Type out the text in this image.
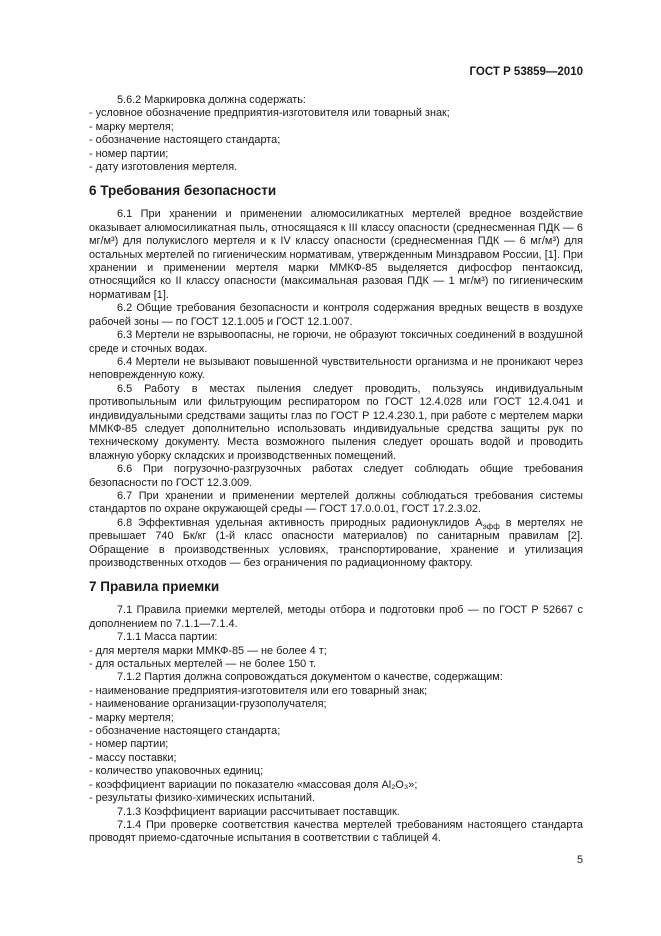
ГОСТ Р 53859—2010

5.6.2 Маркировка должна содержать:

- условное обозначение предприятия-изготовителя или товарный знак;

- марку мертеля;

- обозначение настоящего стандарта;

- номер партии;

- дату изготовления мертеля.

6 Требования безопасности

6.1 При хранении и применении алюмосиликатных мертелей вредное воздействие оказывает алюмосиликатная пыль, относящаяся к III классу опасности (среднесменная ПДК — 6 мг/м³) для полукислого мертеля и к IV классу опасности (среднесменная ПДК — 6 мг/м³) для остальных мертелей по гигиеническим нормативам, утвержденным Минздравом России, [1]. При хранении и применении мертеля марки ММКФ-85 выделяется дифосфор пентаоксид, относящийся ко II классу опасности (максимальная разовая ПДК — 1 мг/м³) по гигиеническим нормативам [1].

6.2 Общие требования безопасности и контроля содержания вредных веществ в воздухе рабочей зоны — по ГОСТ 12.1.005 и ГОСТ 12.1.007.

6.3 Мертели не взрывоопасны, не горючи, не образуют токсичных соединений в воздушной среде и сточных водах.

6.4 Мертели не вызывают повышенной чувствительности организма и не проникают через неповрежденную кожу.

6.5 Работу в местах пыления следует проводить, пользуясь индивидуальным противопыльным или фильтрующим респиратором по ГОСТ 12.4.028 или ГОСТ 12.4.041 и индивидуальными средствами защиты глаз по ГОСТ Р 12.4.230.1, при работе с мертелем марки ММКФ-85 следует дополнительно использовать индивидуальные средства защиты рук по техническому документу. Места возможного пыления следует орошать водой и проводить влажную уборку складских и производственных помещений.

6.6 При погрузочно-разгрузочных работах следует соблюдать общие требования безопасности по ГОСТ 12.3.009.

6.7 При хранении и применении мертелей должны соблюдаться требования системы стандартов по охране окружающей среды — ГОСТ 17.0.0.01, ГОСТ 17.2.3.02.

6.8 Эффективная удельная активность природных радионуклидов $А_{эфф}$ в мертелях не превышает 740 Бк/кг (1-й класс опасности материалов) по санитарным правилам [2]. Обращение в производственных условиях, транспортирование, хранение и утилизация производственных отходов — без ограничения по радиационному фактору.

7 Правила приемки

7.1 Правила приемки мертелей, методы отбора и подготовки проб — по ГОСТ Р 52667 с дополнением по 7.1.1—7.1.4.

7.1.1 Масса партии:

- для мертеля марки ММКФ-85 — не более 4 т;

- для остальных мертелей — не более 150 т.

7.1.2 Партия должна сопровождаться документом о качестве, содержащим:

- наименование предприятия-изготовителя или его товарный знак;

- наименование организации-грузополучателя;

- марку мертеля;

- обозначение настоящего стандарта;

- номер партии;

- массу поставки;

- количество упаковочных единиц;

- коэффициент вариации по показателю «массовая доля Al₂O₃»;

- результаты физико-химических испытаний.

7.1.3 Коэффициент вариации рассчитывает поставщик.

7.1.4 При проверке соответствия качества мертелей требованиям настоящего стандарта проводят приемо-сдаточные испытания в соответствии с таблицей 4.

5
